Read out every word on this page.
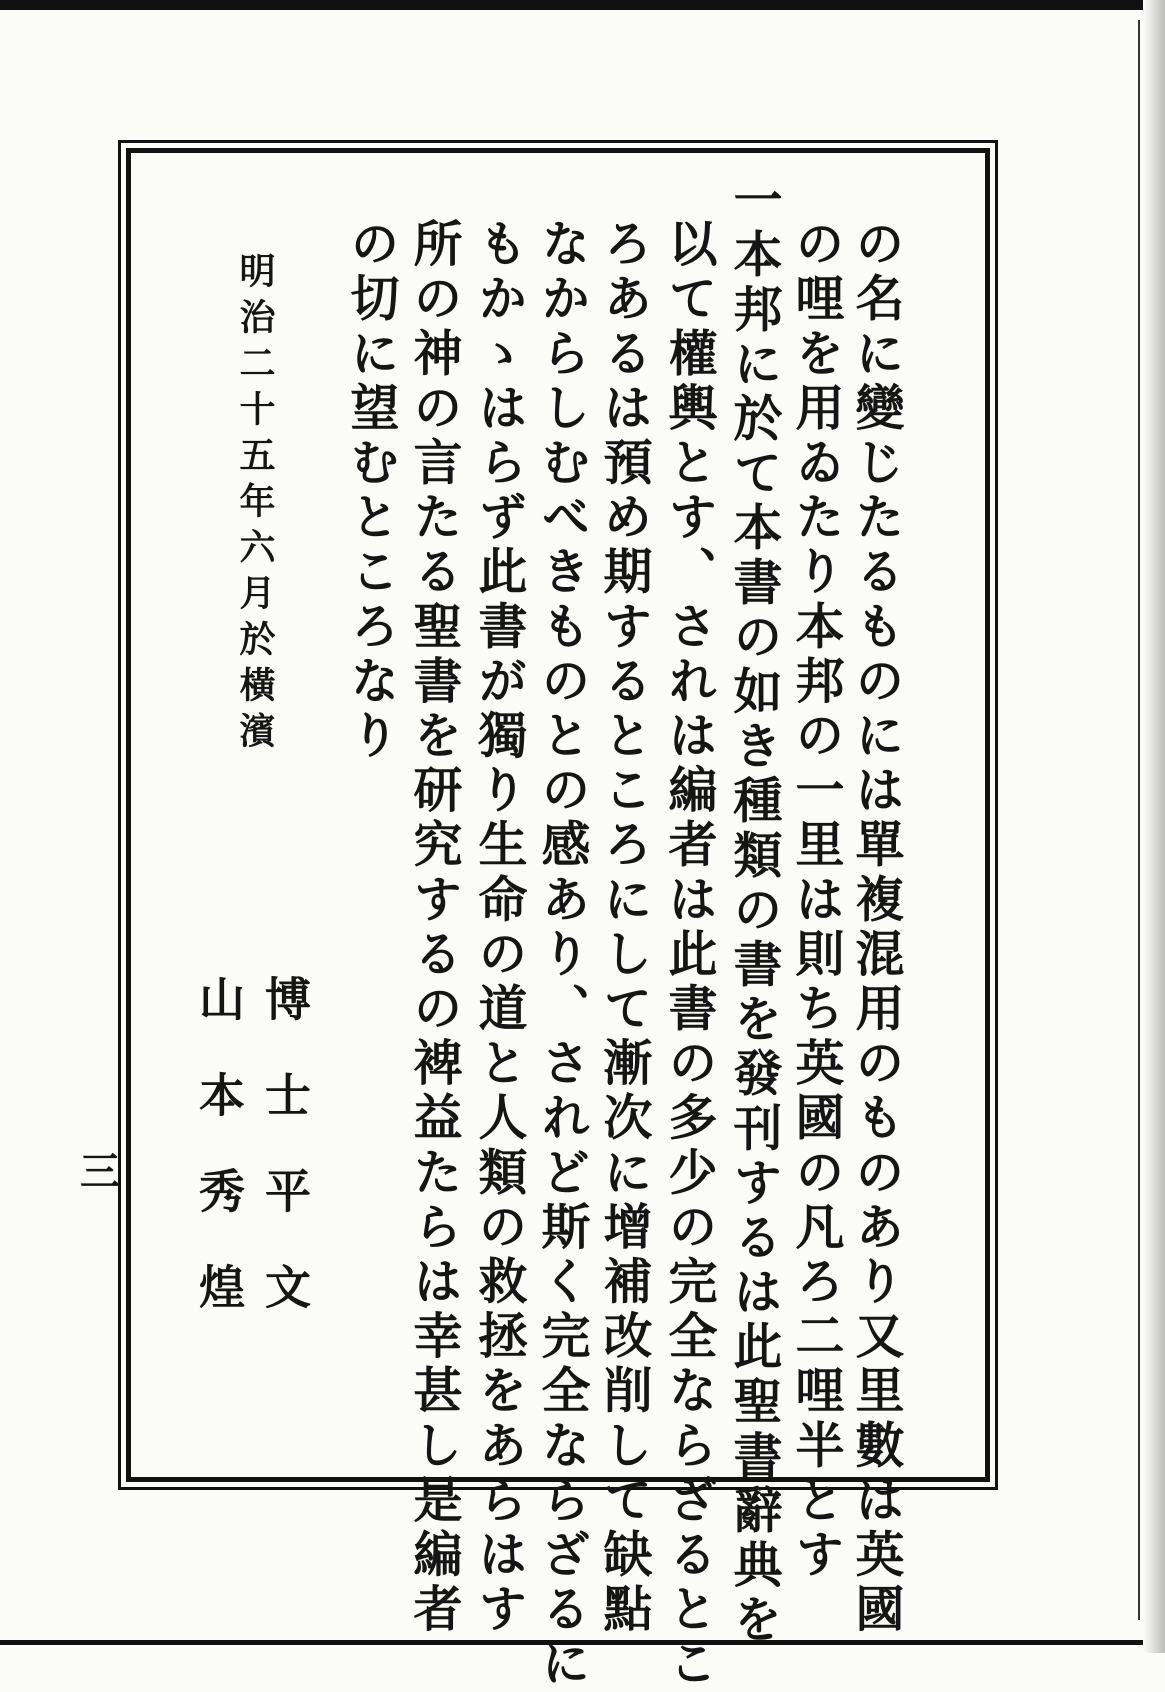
の名に變じたるものには單複混用のものあり又里數は英國
の哩を用ゐたり本邦の一里は則ち英國の凡ろ二哩半とす
一本邦に於て本書の如き種類の書を發刊するは此聖書辭典を
以て權輿とす、されは編者は此書の多少の完全ならざるとこ
ろあるは預め期するところにして漸次に增補改削して缺點
なからしむべきものとの感あり、されど斯く完全ならざるに
もかゝはらず此書が獨り生命の道と人類の救拯をあらはす
所の神の言たる聖書を研究するの裨益たらは幸甚し是編者
の切に望むところなり
明治二十五年六月於橫濱
博士平文
山本秀煌
三
